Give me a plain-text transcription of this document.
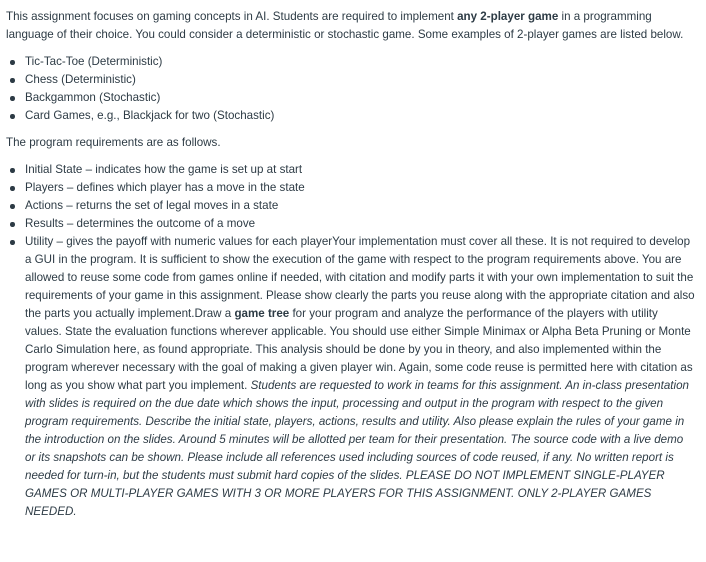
This assignment focuses on gaming concepts in AI. Students are required to implement any 2-player game in a programming language of their choice. You could consider a deterministic or stochastic game. Some examples of 2-player games are listed below.

Tic-Tac-Toe (Deterministic)
Chess (Deterministic)
Backgammon (Stochastic)
Card Games, e.g., Blackjack for two (Stochastic)

The program requirements are as follows.

Initial State – indicates how the game is set up at start
Players – defines which player has a move in the state
Actions – returns the set of legal moves in a state
Results – determines the outcome of a move
Utility – gives the payoff with numeric values for each playerYour implementation must cover all these. It is not required to develop a GUI in the program. It is sufficient to show the execution of the game with respect to the program requirements above. You are allowed to reuse some code from games online if needed, with citation and modify parts it with your own implementation to suit the requirements of your game in this assignment. Please show clearly the parts you reuse along with the appropriate citation and also the parts you actually implement.Draw a game tree for your program and analyze the performance of the players with utility values. State the evaluation functions wherever applicable. You should use either Simple Minimax or Alpha Beta Pruning or Monte Carlo Simulation here, as found appropriate. This analysis should be done by you in theory, and also implemented within the program wherever necessary with the goal of making a given player win. Again, some code reuse is permitted here with citation as long as you show what part you implement. Students are requested to work in teams for this assignment. An in-class presentation with slides is required on the due date which shows the input, processing and output in the program with respect to the given program requirements. Describe the initial state, players, actions, results and utility. Also please explain the rules of your game in the introduction on the slides. Around 5 minutes will be allotted per team for their presentation. The source code with a live demo or its snapshots can be shown. Please include all references used including sources of code reused, if any. No written report is needed for turn-in, but the students must submit hard copies of the slides. PLEASE DO NOT IMPLEMENT SINGLE-PLAYER GAMES OR MULTI-PLAYER GAMES WITH 3 OR MORE PLAYERS FOR THIS ASSIGNMENT. ONLY 2-PLAYER GAMES NEEDED.
